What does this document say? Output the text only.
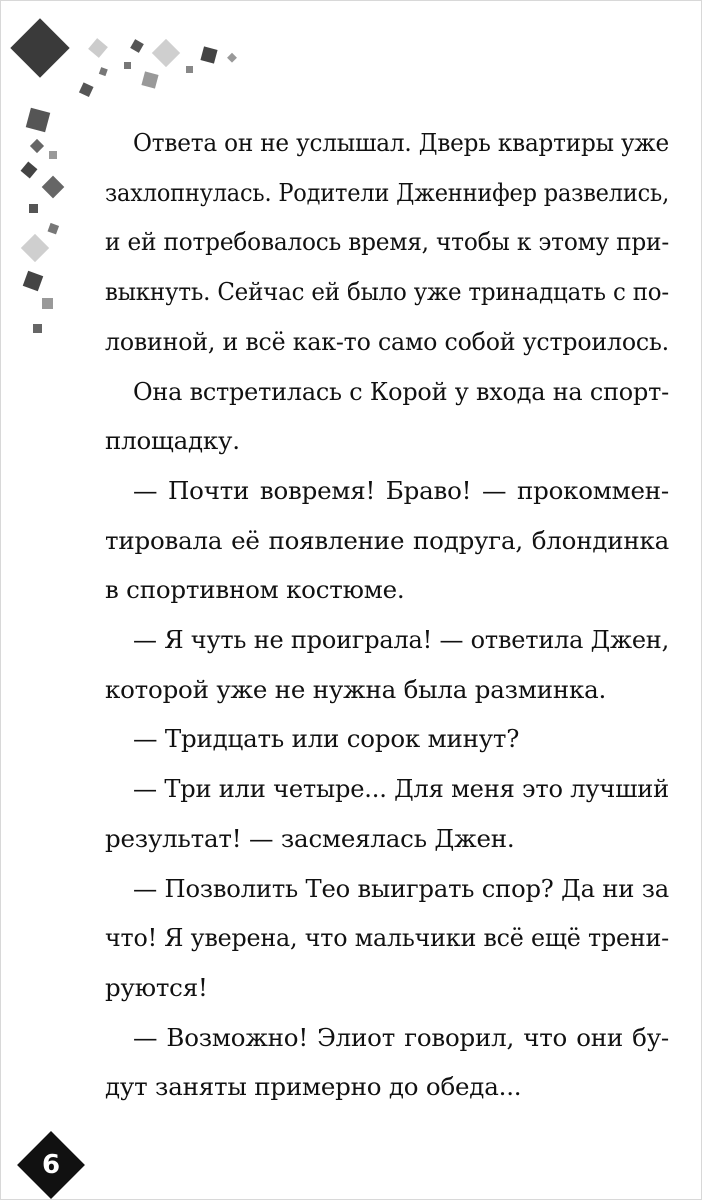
Ответа он не услышал. Дверь квартиры уже
захлопнулась. Родители Дженнифер развелись,
и ей потребовалось время, чтобы к этому при-
выкнуть. Сейчас ей было уже тринадцать с по-
ловиной, и всё как-то само собой устроилось.
Она встретилась с Корой у входа на спорт-
площадку.
— Почти вовремя! Браво! — прокоммен-
тировала её появление подруга, блондинка
в спортивном костюме.
— Я чуть не проиграла! — ответила Джен,
которой уже не нужна была разминка.
— Тридцать или сорок минут?
— Три или четыре... Для меня это лучший
результат! — засмеялась Джен.
— Позволить Тео выиграть спор? Да ни за
что! Я уверена, что мальчики всё ещё трени-
руются!
— Возможно! Элиот говорил, что они бу-
дут заняты примерно до обеда...
6
